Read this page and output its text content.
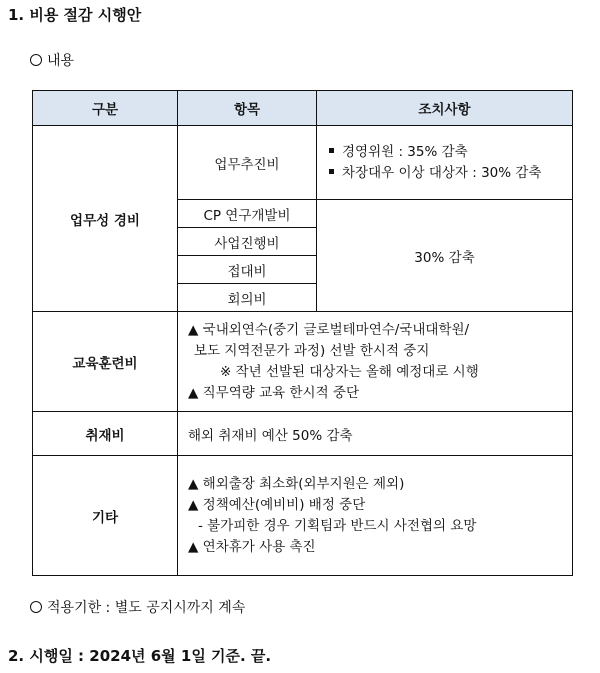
1. 비용 절감 시행안
내용
구분	항목	조치사항
업무성 경비	업무추진비	경영위원 : 35% 감축
차장대우 이상 대상자 : 30% 감축

	CP 연구개발비	30% 감축
	사업진행비	
	접대비	
	회의비	
교육훈련비	▲ 국내외연수(중기 글로벌테마연수/국내대학원/
보도 지역전문가 과정) 선발 한시적 중지
※ 작년 선발된 대상자는 올해 예정대로 시행
▲ 직무역량 교육 한시적 중단	

취재비	해외 취재비 예산 50% 감축	
기타	▲ 해외출장 최소화(외부지원은 제외)
▲ 정책예산(예비비) 배정 중단
- 불가피한 경우 기획팀과 반드시 사전협의 요망
▲ 연차휴가 사용 촉진	
적용기한 : 별도 공지시까지 계속
2. 시행일 : 2024년 6월 1일 기준. 끝.
